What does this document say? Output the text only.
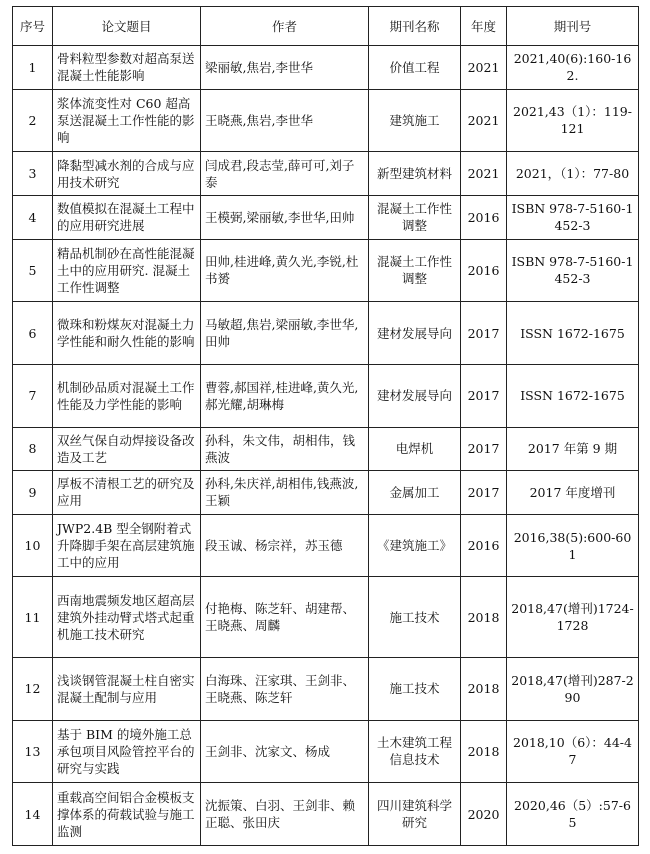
序号	论文题目	作者	期刊名称	年度	期刊号
1	骨料粒型参数对超高泵送混凝土性能影响	梁丽敏,焦岩,李世华	价值工程	2021	2021,40(6):160-162.
2	浆体流变性对 C60 超高泵送混凝土工作性能的影响	王晓燕,焦岩,李世华	建筑施工	2021	2021,43（1）：119-121
3	降黏型减水剂的合成与应用技术研究	闫成君,段志莹,薛可可,刘子泰	新型建筑材料	2021	2021，（1）：77-80
4	数值模拟在混凝土工程中的应用研究进展	王模弼,梁丽敏,李世华,田帅	混凝土工作性调整	2016	ISBN 978-7-5160-1452-3
5	精品机制砂在高性能混凝土中的应用研究. 混凝土工作性调整	田帅,桂进峰,黄久光,李锐,杜书赟	混凝土工作性调整	2016	ISBN 978-7-5160-1452-3
6	微珠和粉煤灰对混凝土力学性能和耐久性能的影响	马敏超,焦岩,梁丽敏,李世华,田帅	建材发展导向	2017	ISSN 1672-1675
7	机制砂品质对混凝土工作性能及力学性能的影响	曹蓉,郝国祥,桂进峰,黄久光,郝光耀,胡琳梅	建材发展导向	2017	ISSN 1672-1675
8	双丝气保自动焊接设备改造及工艺	孙科，朱文伟，胡相伟，钱燕波	电焊机	2017	2017 年第 9 期
9	厚板不清根工艺的研究及应用	孙科,朱庆祥,胡相伟,钱燕波,王颖	金属加工	2017	2017 年度增刊
10	JWP2.4B 型全钢附着式升降脚手架在高层建筑施工中的应用	段玉诚、杨宗祥，苏玉德	《建筑施工》	2016	2016,38(5):600-601
11	西南地震频发地区超高层建筑外挂动臂式塔式起重机施工技术研究	付艳梅、陈芝轩、胡建帮、王晓燕、周麟	施工技术	2018	2018,47(增刊)1724-1728
12	浅谈钢管混凝土柱自密实混凝土配制与应用	白海珠、汪家琪、王剑非、王晓燕、陈芝轩	施工技术	2018	2018,47(增刊)287-290
13	基于 BIM 的境外施工总承包项目风险管控平台的研究与实践	王剑非、沈家文、杨成	土木建筑工程信息技术	2018	2018,10（6）：44-47
14	重载高空间铝合金模板支撑体系的荷载试验与施工监测	沈振策、白羽、王剑非、赖正聪、张田庆	四川建筑科学研究	2020	2020,46（5）:57-65
